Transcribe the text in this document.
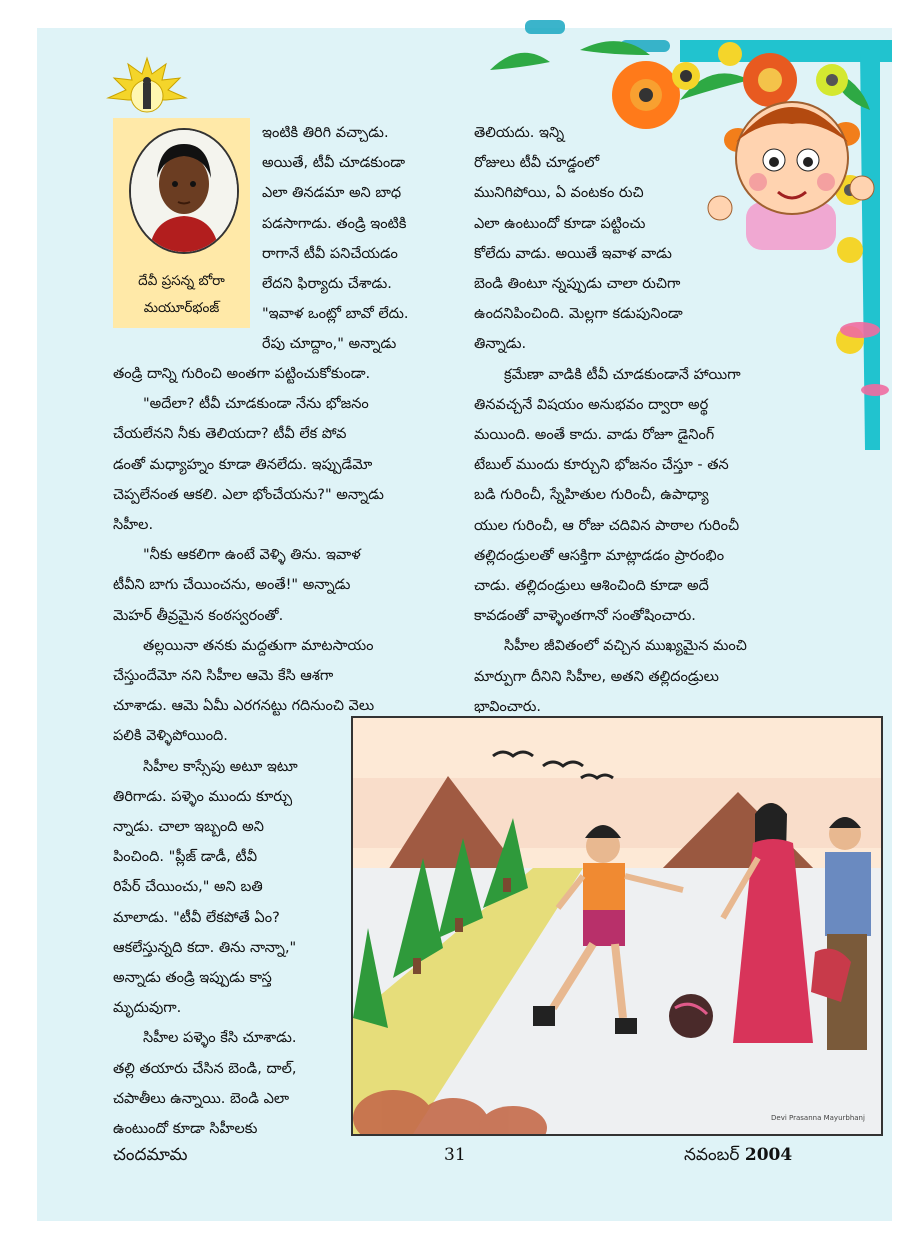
దేవీ ప్రసన్న బోరా
మయూర్‌భంజ్
ఇంటికి తిరిగి వచ్చాడు.
అయితే, టీవీ చూడకుండా
ఎలా తినడమా అని బాధ
పడసాగాడు. తండ్రి ఇంటికి
రాగానే టీవీ పనిచేయడం
లేదని ఫిర్యాదు చేశాడు.
"ఇవాళ ఒంట్లో బావో లేదు.
రేపు చూద్దాం," అన్నాడు
తండ్రి దాన్ని గురించి అంతగా పట్టించుకోకుండా.
"అదేలా? టీవీ చూడకుండా నేను భోజనం
చేయలేనని నీకు తెలియదా? టీవీ లేక పోవ
డంతో మధ్యాహ్నం కూడా తినలేదు. ఇప్పుడేమో
చెప్పలేనంత ఆకలి. ఎలా భోంచేయను?" అన్నాడు
సిహీల.
"నీకు ఆకలిగా ఉంటే వెళ్ళి తిను. ఇవాళ
టీవీని బాగు చేయించను, అంతే!" అన్నాడు
మెహర్ తీవ్రమైన కంఠస్వరంతో.
తల్లయినా తనకు మద్దతుగా మాటసాయం
చేస్తుందేమో నని సిహీల ఆమె కేసి ఆశగా
చూశాడు. ఆమె ఏమీ ఎరగనట్టు గదినుంచి వెలు
పలికి వెళ్ళిపోయింది.
సిహీల కాస్సేపు అటూ ఇటూ
తిరిగాడు. పళ్ళెం ముందు కూర్చు
న్నాడు. చాలా ఇబ్బంది అని
పించింది. "ప్లీజ్ డాడీ, టీవీ
రిపేర్ చేయించు," అని బతి
మాలాడు. "టీవీ లేకపోతే ఏం?
ఆకలేస్తున్నది కదా. తిను నాన్నా,"
అన్నాడు తండ్రి ఇప్పుడు కాస్త
మృదువుగా.
సిహీల పళ్ళెం కేసి చూశాడు.
తల్లి తయారు చేసిన బెండి, దాల్,
చపాతీలు ఉన్నాయి. బెండి ఎలా
ఉంటుందో కూడా సిహీలకు
తెలియదు. ఇన్ని
రోజులు టీవీ చూడ్డంలో
మునిగిపోయి, ఏ వంటకం రుచి
ఎలా ఉంటుందో కూడా పట్టించు
కోలేదు వాడు. అయితే ఇవాళ వాడు
బెండి తింటూ న్నప్పుడు చాలా రుచిగా
ఉందనిపించింది. మెల్లగా కడుపునిండా
తిన్నాడు.
క్రమేణా వాడికి టీవీ చూడకుండానే హాయిగా
తినవచ్చనే విషయం అనుభవం ద్వారా అర్థ
మయింది. అంతే కాదు. వాడు రోజూ డైనింగ్
టేబుల్ ముందు కూర్చుని భోజనం చేస్తూ - తన
బడి గురించీ, స్నేహితుల గురించీ, ఉపాధ్యా
యుల గురించీ, ఆ రోజు చదివిన పాఠాల గురించీ
తల్లిదండ్రులతో ఆసక్తిగా మాట్లాడడం ప్రారంభిం
చాడు. తల్లిదండ్రులు ఆశించింది కూడా అదే
కావడంతో వాళ్ళెంతగానో సంతోషించారు.
సిహీల జీవితంలో వచ్చిన ముఖ్యమైన మంచి
మార్పుగా దీనిని సిహీల, అతని తల్లిదండ్రులు
భావించారు.
Devi Prasanna Mayurbhanj
చందమామ	31	నవంబర్ 2004
